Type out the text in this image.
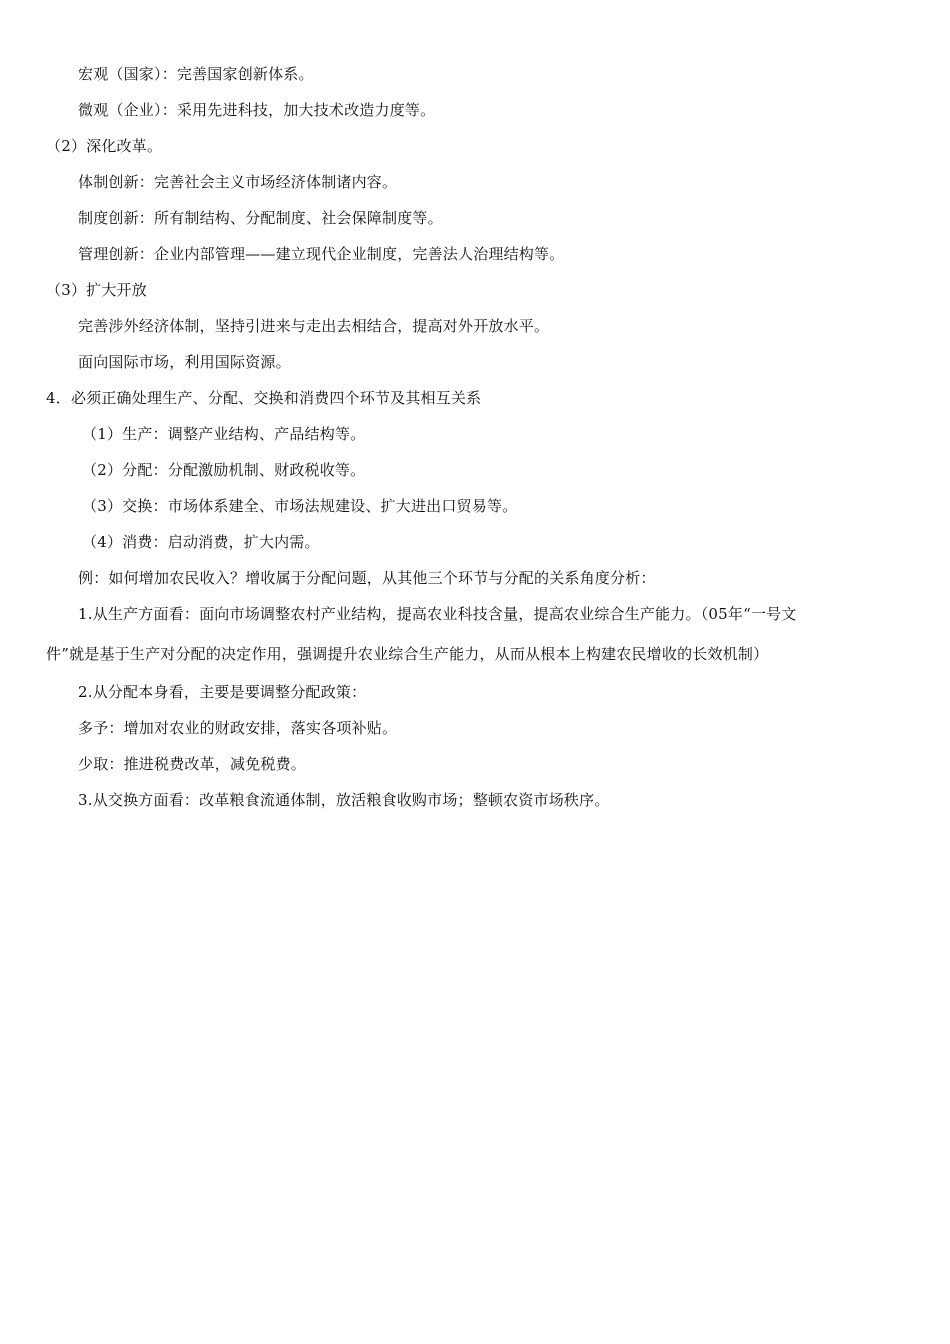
宏观（国家）：完善国家创新体系。
微观（企业）：采用先进科技，加大技术改造力度等。
（2）深化改革。
体制创新：完善社会主义市场经济体制诸内容。
制度创新：所有制结构、分配制度、社会保障制度等。
管理创新：企业内部管理——建立现代企业制度，完善法人治理结构等。
（3）扩大开放
完善涉外经济体制，坚持引进来与走出去相结合，提高对外开放水平。
面向国际市场，利用国际资源。
4．必须正确处理生产、分配、交换和消费四个环节及其相互关系
（1）生产：调整产业结构、产品结构等。
（2）分配：分配激励机制、财政税收等。
（3）交换：市场体系建全、市场法规建设、扩大进出口贸易等。
（4）消费：启动消费，扩大内需。
例：如何增加农民收入？增收属于分配问题，从其他三个环节与分配的关系角度分析：
1.从生产方面看：面向市场调整农村产业结构，提高农业科技含量，提高农业综合生产能力。（05年“一号文
件”就是基于生产对分配的决定作用，强调提升农业综合生产能力，从而从根本上构建农民增收的长效机制）
2.从分配本身看，主要是要调整分配政策：
多予：增加对农业的财政安排，落实各项补贴。
少取：推进税费改革，减免税费。
3.从交换方面看：改革粮食流通体制，放活粮食收购市场；整顿农资市场秩序。
